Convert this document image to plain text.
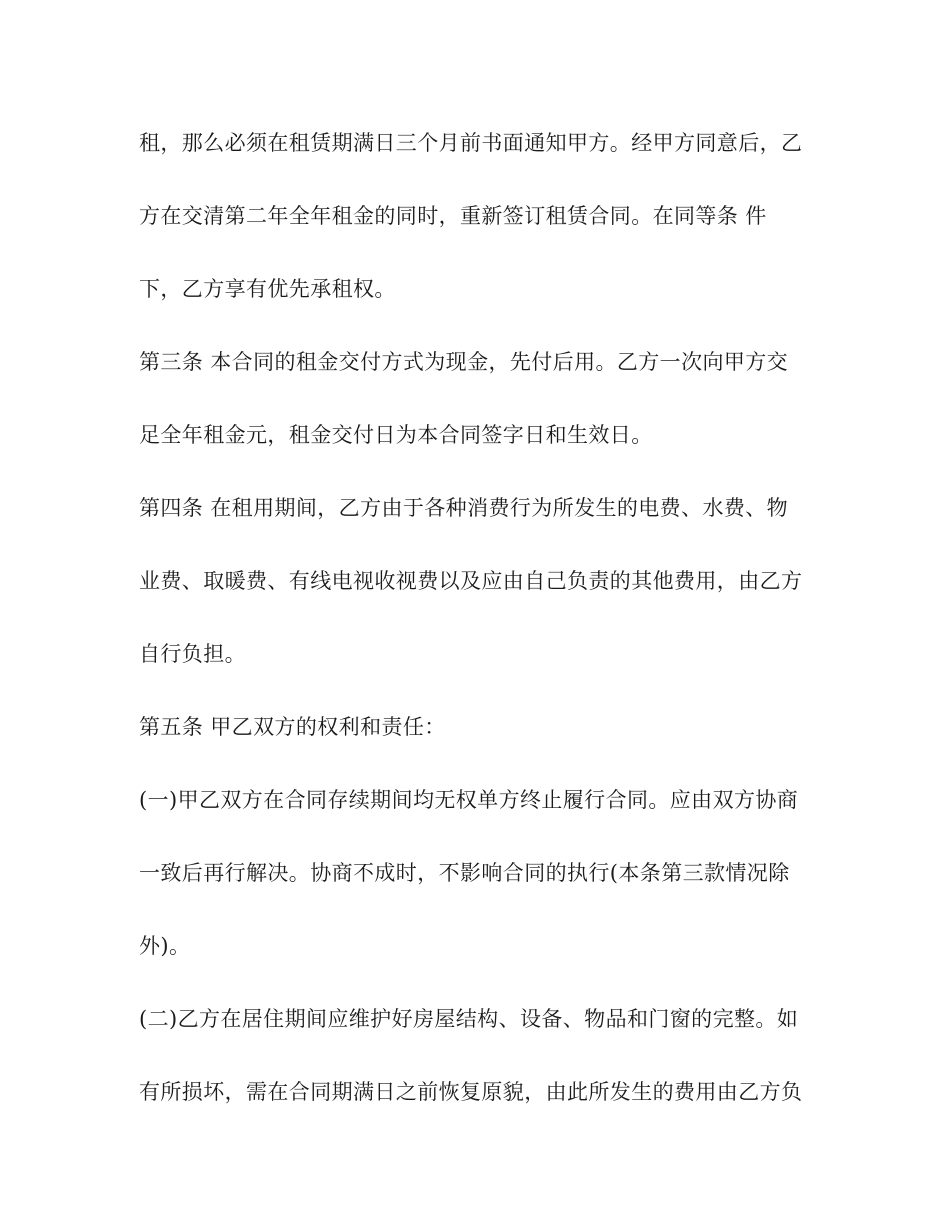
租，那么必须在租赁期满日三个月前书面通知甲方。经甲方同意后，乙
方在交清第二年全年租金的同时，重新签订租赁合同。在同等条 件
下，乙方享有优先承租权。
第三条 本合同的租金交付方式为现金，先付后用。乙方一次向甲方交
足全年租金元，租金交付日为本合同签字日和生效日。
第四条 在租用期间，乙方由于各种消费行为所发生的电费、水费、物
业费、取暖费、有线电视收视费以及应由自己负责的其他费用，由乙方
自行负担。
第五条 甲乙双方的权利和责任：
(一)甲乙双方在合同存续期间均无权单方终止履行合同。应由双方协商
一致后再行解决。协商不成时，不影响合同的执行(本条第三款情况除
外)。
(二)乙方在居住期间应维护好房屋结构、设备、物品和门窗的完整。如
有所损坏，需在合同期满日之前恢复原貌，由此所发生的费用由乙方负
